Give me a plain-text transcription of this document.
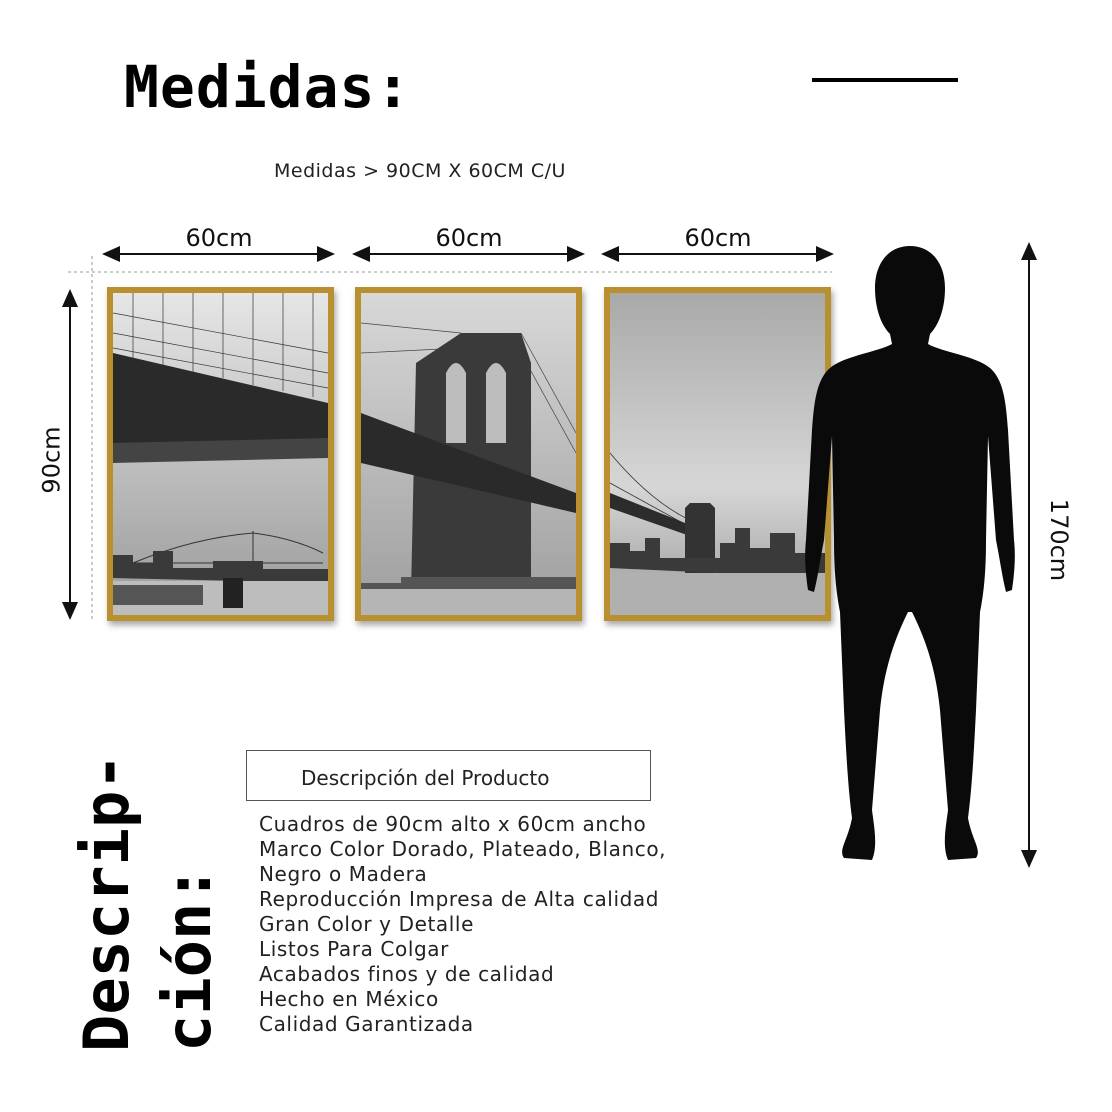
Medidas:
Medidas > 90CM X 60CM C/U
60cm	60cm	60cm
90cm
170cm
Descrip- ción:
Descripción del Producto
Cuadros de 90cm alto x 60cm ancho
Marco Color Dorado, Plateado, Blanco,
Negro o Madera
Reproducción Impresa de Alta calidad
Gran Color y Detalle
Listos Para Colgar
Acabados finos y de calidad
Hecho en México
Calidad Garantizada
